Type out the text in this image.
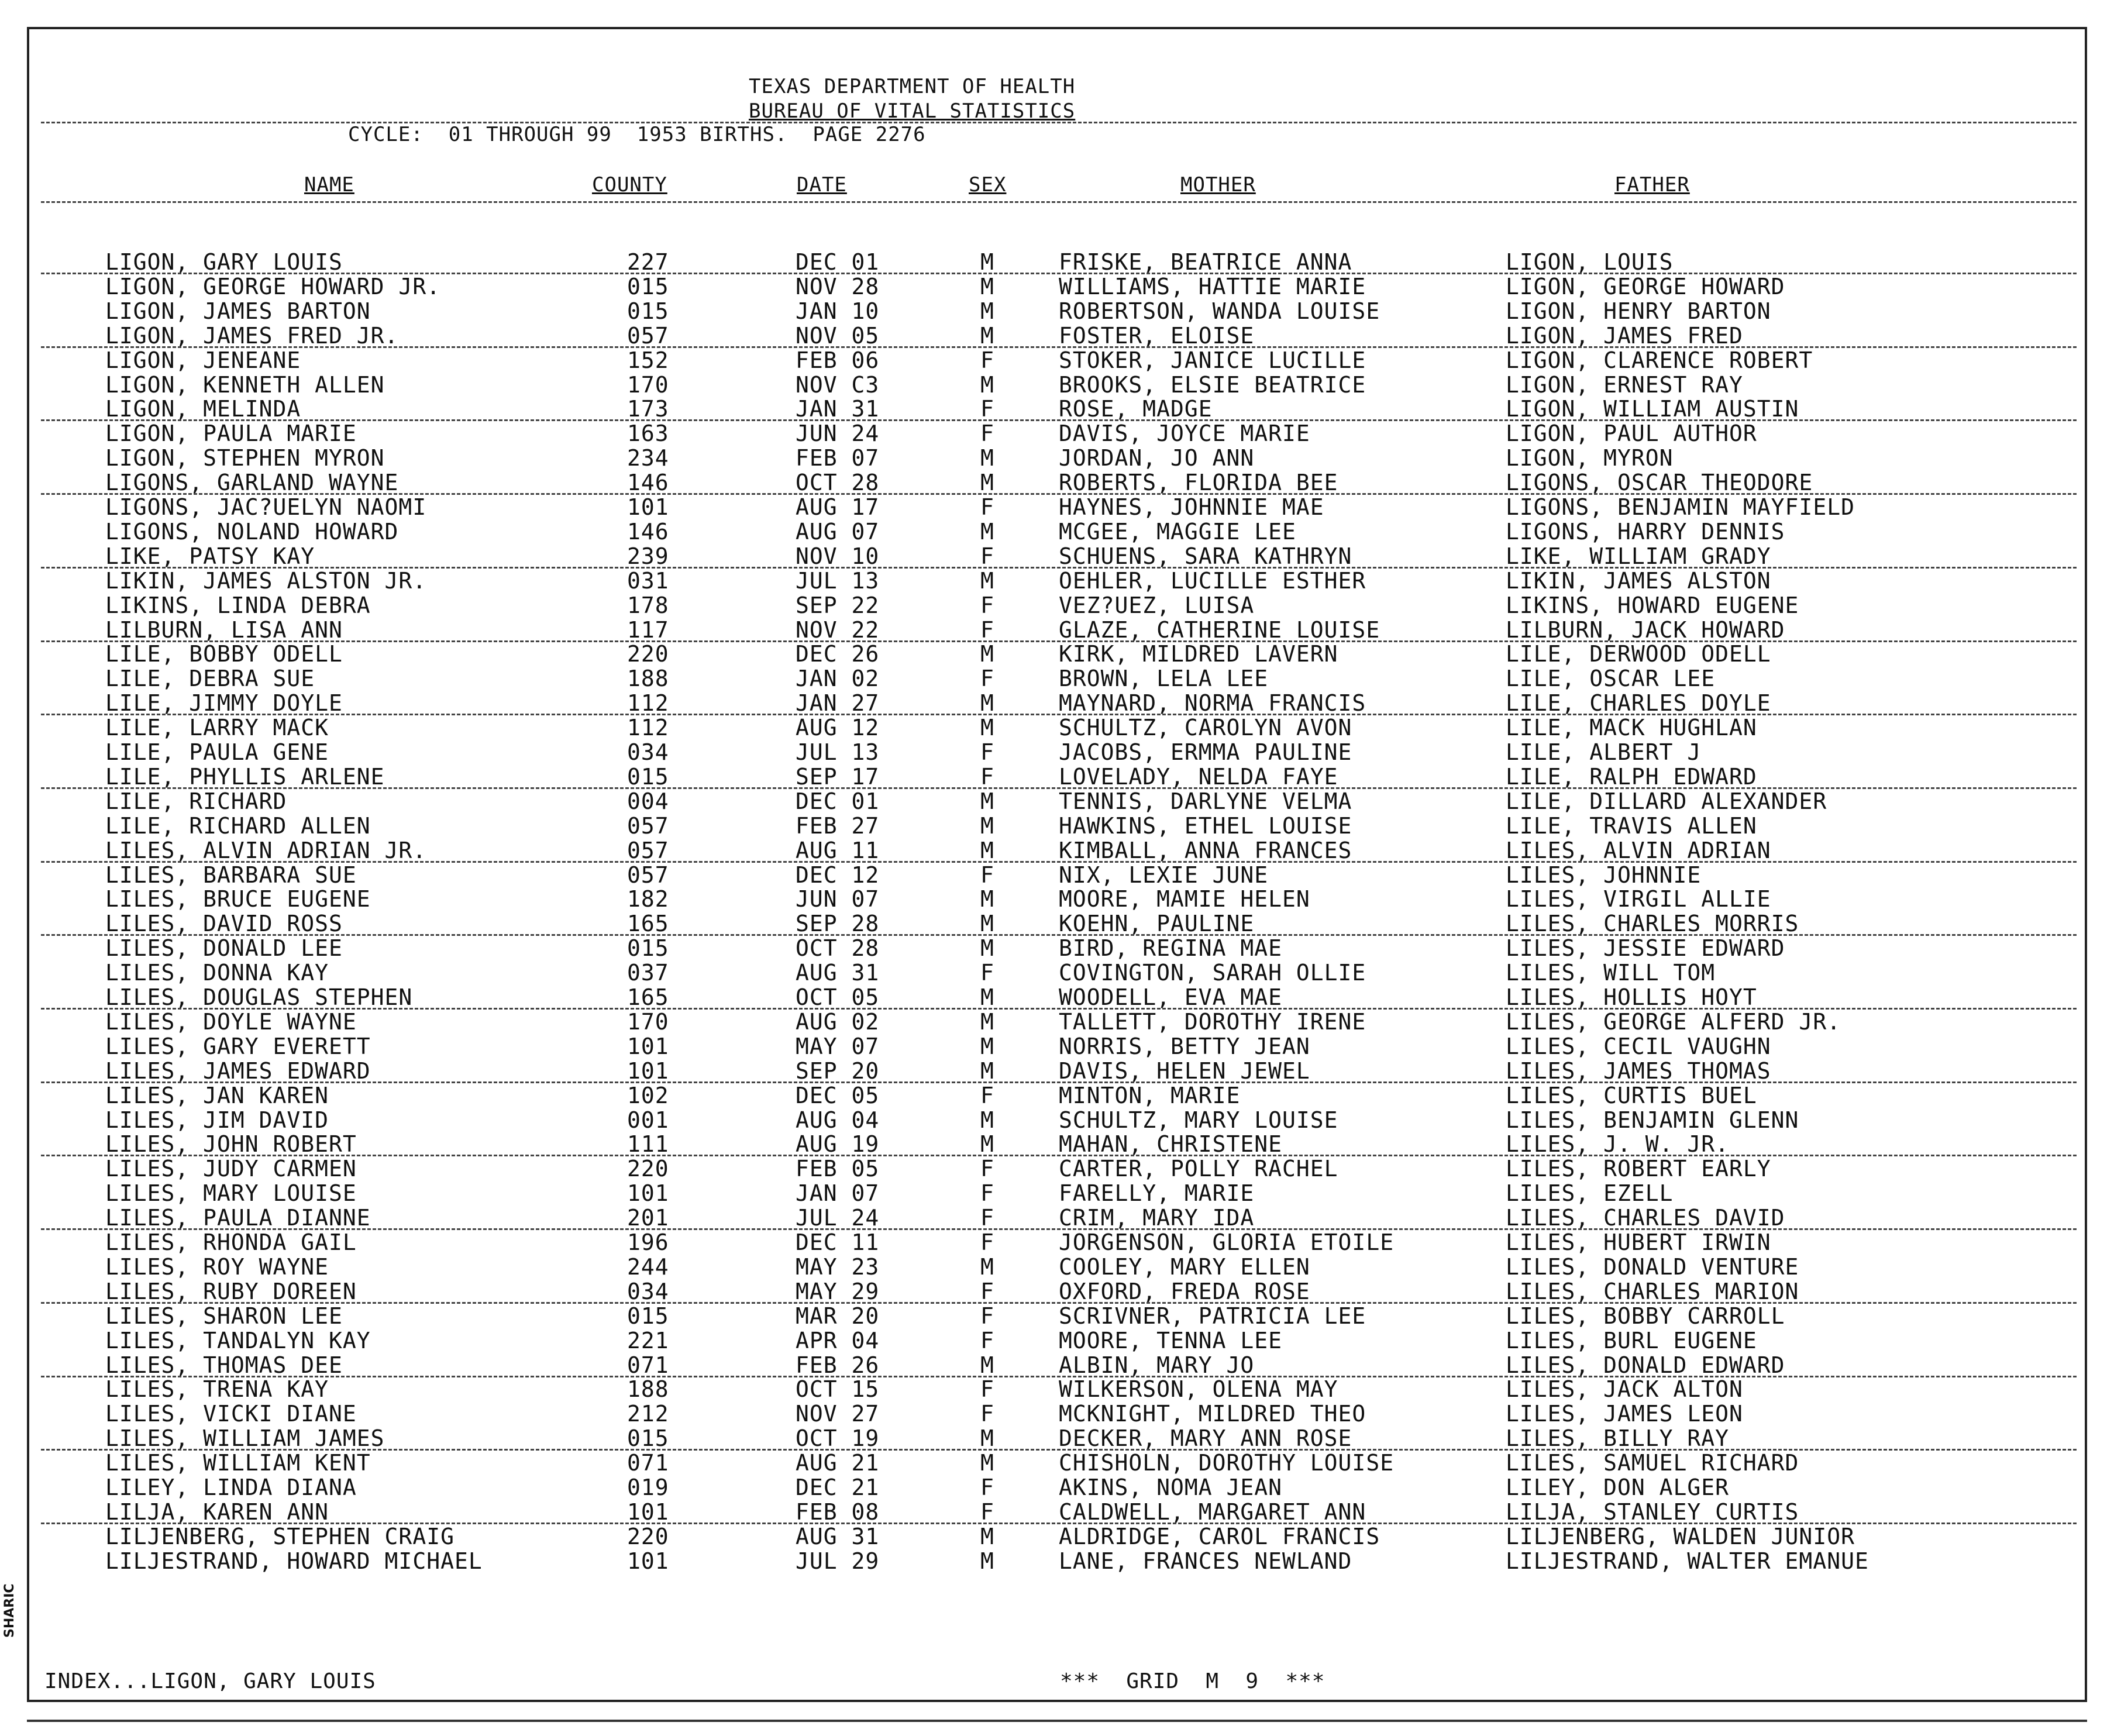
TEXAS DEPARTMENT OF HEALTH
BUREAU OF VITAL STATISTICS
CYCLE:  01 THROUGH 99  1953 BIRTHS.  PAGE 2276
NAME	COUNTY	DATE	SEX	MOTHER	FATHER
LIGON, GARY LOUIS	227	DEC 01	M	FRISKE, BEATRICE ANNA	LIGON, LOUIS
LIGON, GEORGE HOWARD JR.	015	NOV 28	M	WILLIAMS, HATTIE MARIE	LIGON, GEORGE HOWARD
LIGON, JAMES BARTON	015	JAN 10	M	ROBERTSON, WANDA LOUISE	LIGON, HENRY BARTON
LIGON, JAMES FRED JR.	057	NOV 05	M	FOSTER, ELOISE	LIGON, JAMES FRED
LIGON, JENEANE	152	FEB 06	F	STOKER, JANICE LUCILLE	LIGON, CLARENCE ROBERT
LIGON, KENNETH ALLEN	170	NOV C3	M	BROOKS, ELSIE BEATRICE	LIGON, ERNEST RAY
LIGON, MELINDA	173	JAN 31	F	ROSE, MADGE	LIGON, WILLIAM AUSTIN
LIGON, PAULA MARIE	163	JUN 24	F	DAVIS, JOYCE MARIE	LIGON, PAUL AUTHOR
LIGON, STEPHEN MYRON	234	FEB 07	M	JORDAN, JO ANN	LIGON, MYRON
LIGONS, GARLAND WAYNE	146	OCT 28	M	ROBERTS, FLORIDA BEE	LIGONS, OSCAR THEODORE
LIGONS, JAC?UELYN NAOMI	101	AUG 17	F	HAYNES, JOHNNIE MAE	LIGONS, BENJAMIN MAYFIELD
LIGONS, NOLAND HOWARD	146	AUG 07	M	MCGEE, MAGGIE LEE	LIGONS, HARRY DENNIS
LIKE, PATSY KAY	239	NOV 10	F	SCHUENS, SARA KATHRYN	LIKE, WILLIAM GRADY
LIKIN, JAMES ALSTON JR.	031	JUL 13	M	OEHLER, LUCILLE ESTHER	LIKIN, JAMES ALSTON
LIKINS, LINDA DEBRA	178	SEP 22	F	VEZ?UEZ, LUISA	LIKINS, HOWARD EUGENE
LILBURN, LISA ANN	117	NOV 22	F	GLAZE, CATHERINE LOUISE	LILBURN, JACK HOWARD
LILE, BOBBY ODELL	220	DEC 26	M	KIRK, MILDRED LAVERN	LILE, DERWOOD ODELL
LILE, DEBRA SUE	188	JAN 02	F	BROWN, LELA LEE	LILE, OSCAR LEE
LILE, JIMMY DOYLE	112	JAN 27	M	MAYNARD, NORMA FRANCIS	LILE, CHARLES DOYLE
LILE, LARRY MACK	112	AUG 12	M	SCHULTZ, CAROLYN AVON	LILE, MACK HUGHLAN
LILE, PAULA GENE	034	JUL 13	F	JACOBS, ERMMA PAULINE	LILE, ALBERT J
LILE, PHYLLIS ARLENE	015	SEP 17	F	LOVELADY, NELDA FAYE	LILE, RALPH EDWARD
LILE, RICHARD	004	DEC 01	M	TENNIS, DARLYNE VELMA	LILE, DILLARD ALEXANDER
LILE, RICHARD ALLEN	057	FEB 27	M	HAWKINS, ETHEL LOUISE	LILE, TRAVIS ALLEN
LILES, ALVIN ADRIAN JR.	057	AUG 11	M	KIMBALL, ANNA FRANCES	LILES, ALVIN ADRIAN
LILES, BARBARA SUE	057	DEC 12	F	NIX, LEXIE JUNE	LILES, JOHNNIE
LILES, BRUCE EUGENE	182	JUN 07	M	MOORE, MAMIE HELEN	LILES, VIRGIL ALLIE
LILES, DAVID ROSS	165	SEP 28	M	KOEHN, PAULINE	LILES, CHARLES MORRIS
LILES, DONALD LEE	015	OCT 28	M	BIRD, REGINA MAE	LILES, JESSIE EDWARD
LILES, DONNA KAY	037	AUG 31	F	COVINGTON, SARAH OLLIE	LILES, WILL TOM
LILES, DOUGLAS STEPHEN	165	OCT 05	M	WOODELL, EVA MAE	LILES, HOLLIS HOYT
LILES, DOYLE WAYNE	170	AUG 02	M	TALLETT, DOROTHY IRENE	LILES, GEORGE ALFERD JR.
LILES, GARY EVERETT	101	MAY 07	M	NORRIS, BETTY JEAN	LILES, CECIL VAUGHN
LILES, JAMES EDWARD	101	SEP 20	M	DAVIS, HELEN JEWEL	LILES, JAMES THOMAS
LILES, JAN KAREN	102	DEC 05	F	MINTON, MARIE	LILES, CURTIS BUEL
LILES, JIM DAVID	001	AUG 04	M	SCHULTZ, MARY LOUISE	LILES, BENJAMIN GLENN
LILES, JOHN ROBERT	111	AUG 19	M	MAHAN, CHRISTENE	LILES, J. W. JR.
LILES, JUDY CARMEN	220	FEB 05	F	CARTER, POLLY RACHEL	LILES, ROBERT EARLY
LILES, MARY LOUISE	101	JAN 07	F	FARELLY, MARIE	LILES, EZELL
LILES, PAULA DIANNE	201	JUL 24	F	CRIM, MARY IDA	LILES, CHARLES DAVID
LILES, RHONDA GAIL	196	DEC 11	F	JORGENSON, GLORIA ETOILE	LILES, HUBERT IRWIN
LILES, ROY WAYNE	244	MAY 23	M	COOLEY, MARY ELLEN	LILES, DONALD VENTURE
LILES, RUBY DOREEN	034	MAY 29	F	OXFORD, FREDA ROSE	LILES, CHARLES MARION
LILES, SHARON LEE	015	MAR 20	F	SCRIVNER, PATRICIA LEE	LILES, BOBBY CARROLL
LILES, TANDALYN KAY	221	APR 04	F	MOORE, TENNA LEE	LILES, BURL EUGENE
LILES, THOMAS DEE	071	FEB 26	M	ALBIN, MARY JO	LILES, DONALD EDWARD
LILES, TRENA KAY	188	OCT 15	F	WILKERSON, OLENA MAY	LILES, JACK ALTON
LILES, VICKI DIANE	212	NOV 27	F	MCKNIGHT, MILDRED THEO	LILES, JAMES LEON
LILES, WILLIAM JAMES	015	OCT 19	M	DECKER, MARY ANN ROSE	LILES, BILLY RAY
LILES, WILLIAM KENT	071	AUG 21	M	CHISHOLN, DOROTHY LOUISE	LILES, SAMUEL RICHARD
LILEY, LINDA DIANA	019	DEC 21	F	AKINS, NOMA JEAN	LILEY, DON ALGER
LILJA, KAREN ANN	101	FEB 08	F	CALDWELL, MARGARET ANN	LILJA, STANLEY CURTIS
LILJENBERG, STEPHEN CRAIG	220	AUG 31	M	ALDRIDGE, CAROL FRANCIS	LILJENBERG, WALDEN JUNIOR
LILJESTRAND, HOWARD MICHAEL	101	JUL 29	M	LANE, FRANCES NEWLAND	LILJESTRAND, WALTER EMANUE
INDEX...LIGON, GARY LOUIS	***  GRID  M  9  ***
SHARIC
